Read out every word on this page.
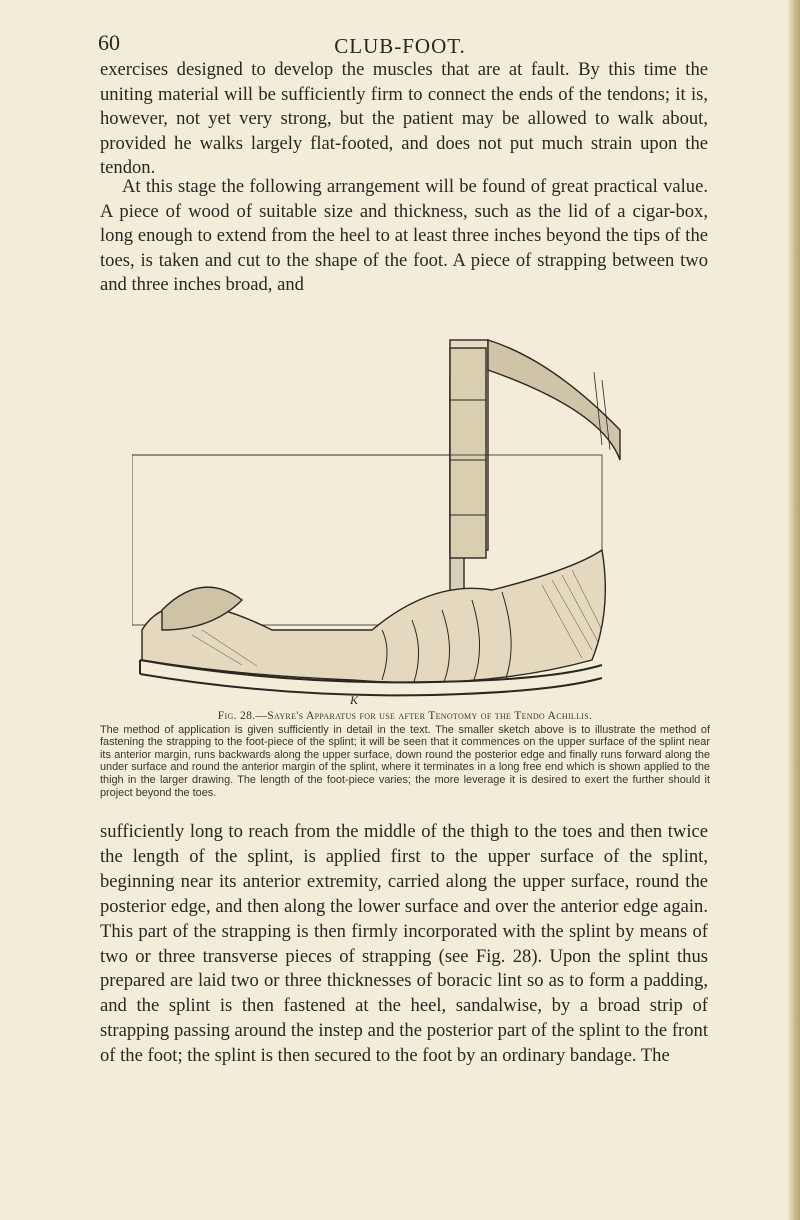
60	CLUB-FOOT.

exercises designed to develop the muscles that are at fault. By this time the uniting material will be sufficiently firm to connect the ends of the tendons; it is, however, not yet very strong, but the patient may be allowed to walk about, provided he walks largely flat-footed, and does not put much strain upon the tendon.

At this stage the following arrangement will be found of great practical value. A piece of wood of suitable size and thickness, such as the lid of a cigar-box, long enough to extend from the heel to at least three inches beyond the tips of the toes, is taken and cut to the shape of the foot. A piece of strapping between two and three inches broad, and

K
Fig. 28.—Sayre's Apparatus for use after Tenotomy of the Tendo Achillis.
The method of application is given sufficiently in detail in the text. The smaller sketch above is to illustrate the method of fastening the strapping to the foot-piece of the splint; it will be seen that it commences on the upper surface of the splint near its anterior margin, runs backwards along the upper surface, down round the posterior edge and finally runs forward along the under surface and round the anterior margin of the splint, where it terminates in a long free end which is shown applied to the thigh in the larger drawing. The length of the foot-piece varies; the more leverage it is desired to exert the further should it project beyond the toes.

sufficiently long to reach from the middle of the thigh to the toes and then twice the length of the splint, is applied first to the upper surface of the splint, beginning near its anterior extremity, carried along the upper surface, round the posterior edge, and then along the lower surface and over the anterior edge again. This part of the strapping is then firmly incorporated with the splint by means of two or three transverse pieces of strapping (see Fig. 28). Upon the splint thus prepared are laid two or three thicknesses of boracic lint so as to form a padding, and the splint is then fastened at the heel, sandalwise, by a broad strip of strapping passing around the instep and the posterior part of the splint to the front of the foot; the splint is then secured to the foot by an ordinary bandage. The
